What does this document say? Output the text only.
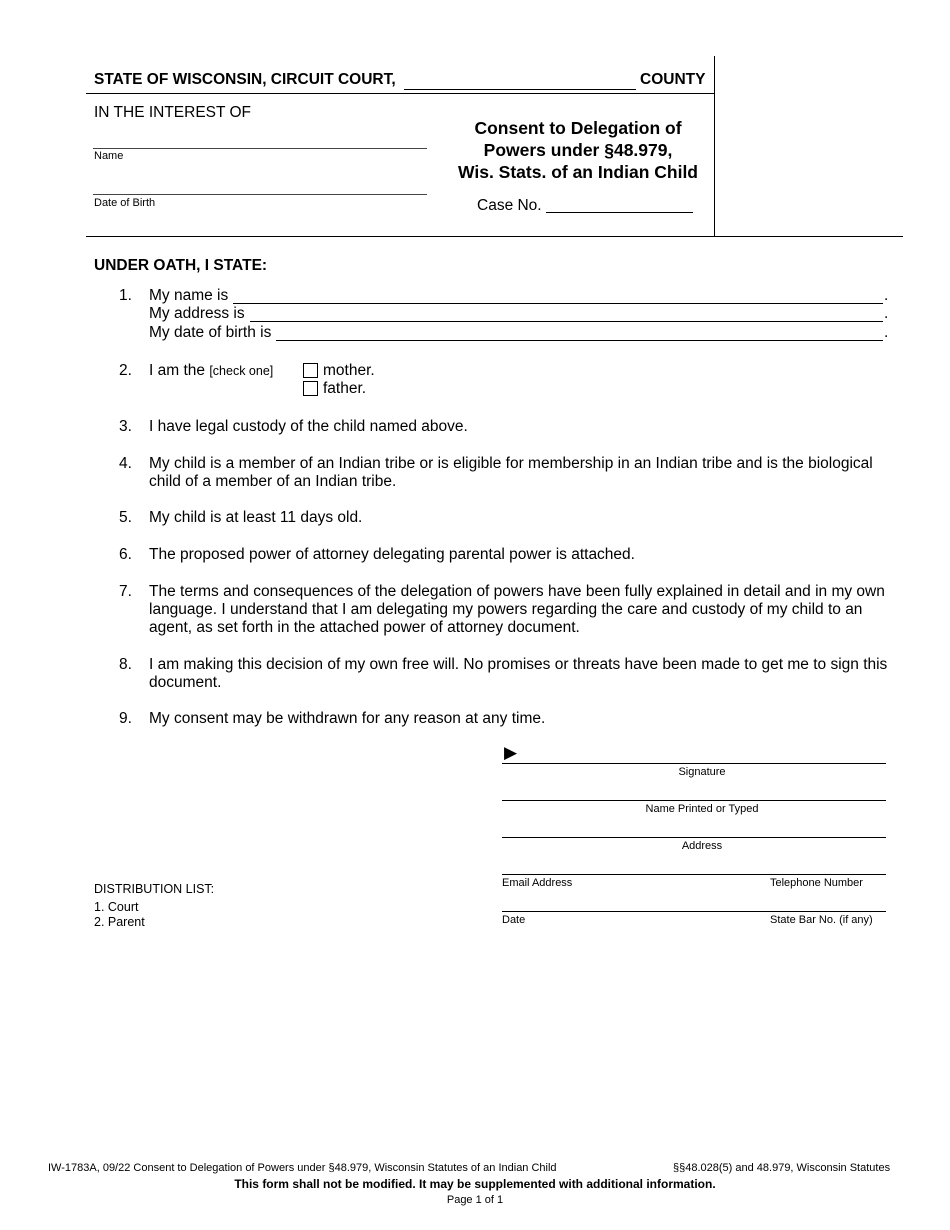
STATE OF WISCONSIN, CIRCUIT COURT,	COUNTY
IN THE INTEREST OF
Name
Date of Birth
Consent to Delegation of
Powers under §48.979,
Wis. Stats. of an Indian Child
Case No.
UNDER OATH, I STATE:
1. My name is	.
My address is	.
My date of birth is	.
2. I am the [check one]	mother.
father.
3. I have legal custody of the child named above.
4. My child is a member of an Indian tribe or is eligible for membership in an Indian tribe and is the biological child of a member of an Indian tribe.
5. My child is at least 11 days old.
6. The proposed power of attorney delegating parental power is attached.
7. The terms and consequences of the delegation of powers have been fully explained in detail and in my own language. I understand that I am delegating my powers regarding the care and custody of my child to an agent, as set forth in the attached power of attorney document.
8. I am making this decision of my own free will. No promises or threats have been made to get me to sign this document.
9. My consent may be withdrawn for any reason at any time.
▶
Signature
Name Printed or Typed
Address
Email Address	Telephone Number
Date	State Bar No. (if any)
DISTRIBUTION LIST:
1. Court
2. Parent
IW-1783A, 09/22 Consent to Delegation of Powers under §48.979, Wisconsin Statutes of an Indian Child	§§48.028(5) and 48.979, Wisconsin Statutes
This form shall not be modified. It may be supplemented with additional information.
Page 1 of 1
